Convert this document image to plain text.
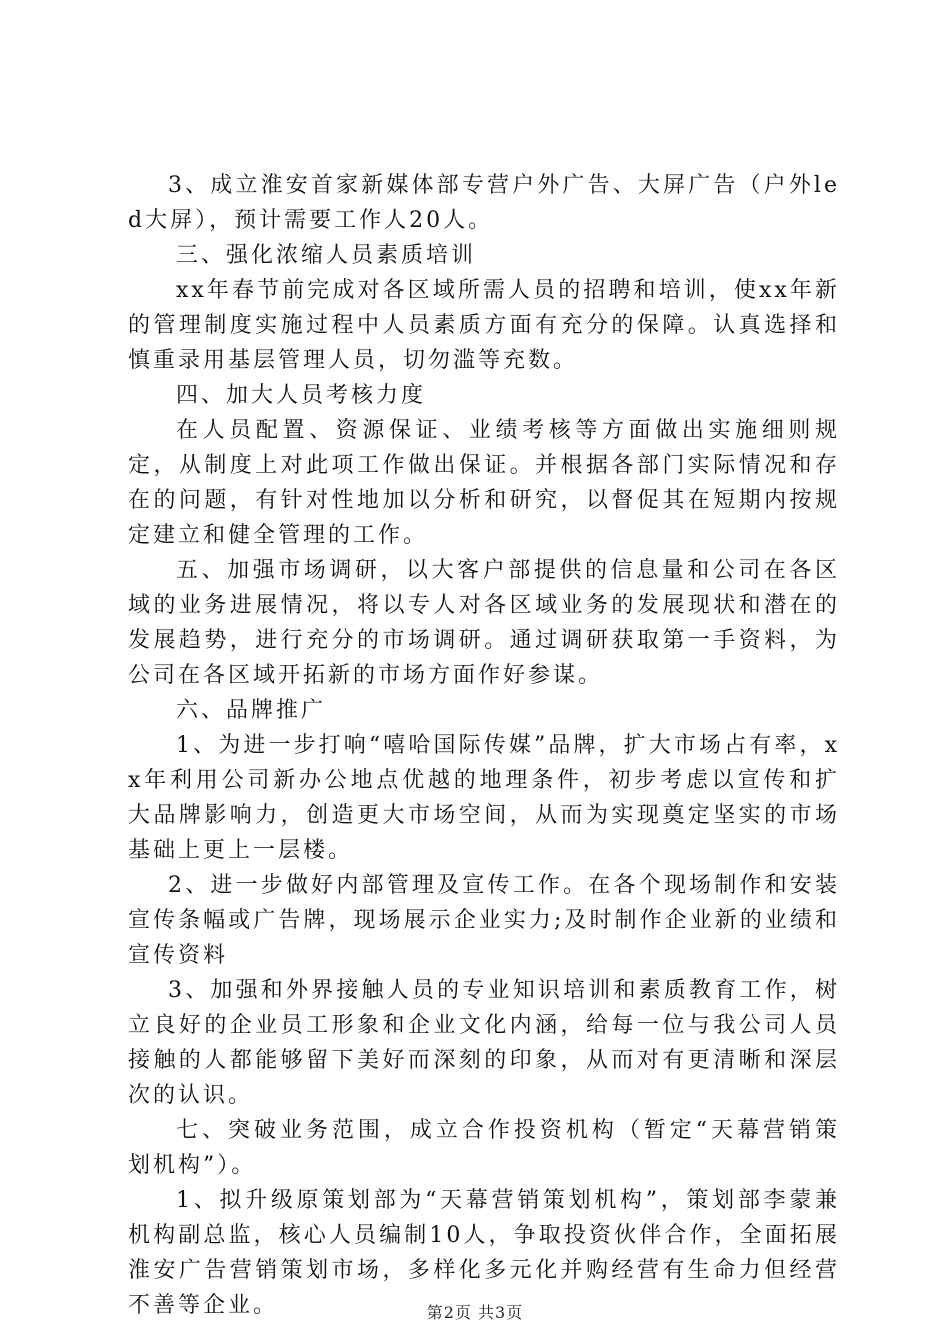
3、成立淮安首家新媒体部专营户外广告、大屏广告（户外led大屏），预计需要工作人20人。

三、强化浓缩人员素质培训

xx年春节前完成对各区域所需人员的招聘和培训，使xx年新的管理制度实施过程中人员素质方面有充分的保障。认真选择和慎重录用基层管理人员，切勿滥等充数。

四、加大人员考核力度

在人员配置、资源保证、业绩考核等方面做出实施细则规定，从制度上对此项工作做出保证。并根据各部门实际情况和存在的问题，有针对性地加以分析和研究，以督促其在短期内按规定建立和健全管理的工作。

五、加强市场调研，以大客户部提供的信息量和公司在各区域的业务进展情况，将以专人对各区域业务的发展现状和潜在的发展趋势，进行充分的市场调研。通过调研获取第一手资料，为公司在各区域开拓新的市场方面作好参谋。

六、品牌推广

1、为进一步打响“嘻哈国际传媒”品牌，扩大市场占有率，xx年利用公司新办公地点优越的地理条件，初步考虑以宣传和扩大品牌影响力，创造更大市场空间，从而为实现奠定坚实的市场基础上更上一层楼。

2、进一步做好内部管理及宣传工作。在各个现场制作和安装宣传条幅或广告牌，现场展示企业实力;及时制作企业新的业绩和宣传资料

3、加强和外界接触人员的专业知识培训和素质教育工作，树立良好的企业员工形象和企业文化内涵，给每一位与我公司人员接触的人都能够留下美好而深刻的印象，从而对有更清晰和深层次的认识。

七、突破业务范围，成立合作投资机构（暂定“天幕营销策划机构”）。

1、拟升级原策划部为“天幕营销策划机构”，策划部李蒙兼机构副总监，核心人员编制10人，争取投资伙伴合作，全面拓展淮安广告营销策划市场，多样化多元化并购经营有生命力但经营不善等企业。	第2页 共3页
